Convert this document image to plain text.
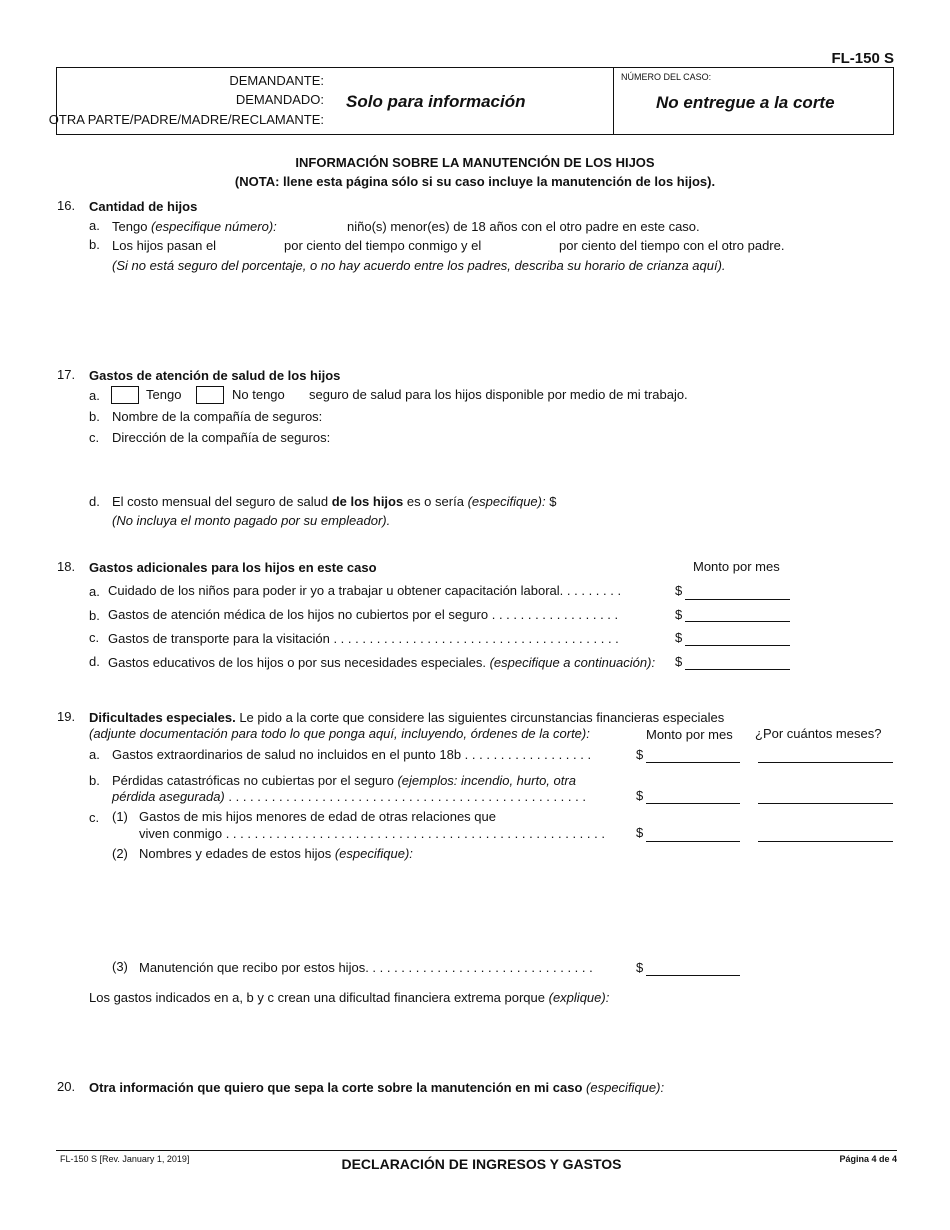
FL-150 S
DEMANDANTE:
DEMANDADO:
OTRA PARTE/PADRE/MADRE/RECLAMANTE:
Solo para información
NÚMERO DEL CASO:
No entregue a la corte
INFORMACIÓN SOBRE LA MANUTENCIÓN DE LOS HIJOS
(NOTA: llene esta página sólo si su caso incluye la manutención de los hijos).
16. Cantidad de hijos
a. Tengo (especifique número):	niño(s) menor(es) de 18 años con el otro padre en este caso.
b. Los hijos pasan el	por ciento del tiempo conmigo y el	por ciento del tiempo con el otro padre.
(Si no está seguro del porcentaje, o no hay acuerdo entre los padres, describa su horario de crianza aquí).
17. Gastos de atención de salud de los hijos
a.	Tengo	No tengo seguro de salud para los hijos disponible por medio de mi trabajo.
b. Nombre de la compañía de seguros:
c. Dirección de la compañía de seguros:
d. El costo mensual del seguro de salud de los hijos es o sería (especifique): $
(No incluya el monto pagado por su empleador).
18. Gastos adicionales para los hijos en este caso	Monto por mes
a. Cuidado de los niños para poder ir yo a trabajar u obtener capacitación laboral. . . . . . . . .	$
b. Gastos de atención médica de los hijos no cubiertos por el seguro . . . . . . . . . . . . . . . . . .	$
c. Gastos de transporte para la visitación . . . . . . . . . . . . . . . . . . . . . . . . . . . . . . . . . . . . . . . .	$
d. Gastos educativos de los hijos o por sus necesidades especiales. (especifique a continuación): $
19. Dificultades especiales. Le pido a la corte que considere las siguientes circunstancias financieras especiales
(adjunte documentación para todo lo que ponga aquí, incluyendo, órdenes de la corte):	Monto por mes ¿Por cuántos meses?
a. Gastos extraordinarios de salud no incluidos en el punto 18b . . . . . . . . . . . . . . . . . .	$
b. Pérdidas catastróficas no cubiertas por el seguro (ejemplos: incendio, hurto, otra
pérdida asegurada) . . . . . . . . . . . . . . . . . . . . . . . . . . . . . . . . . . . . . . . . . . . . . . . . . .	$
c. (1) Gastos de mis hijos menores de edad de otras relaciones que
viven conmigo . . . . . . . . . . . . . . . . . . . . . . . . . . . . . . . . . . . . . . . . . . . . . . . . . . . . . $
(2) Nombres y edades de estos hijos (especifique):
(3) Manutención que recibo por estos hijos. . . . . . . . . . . . . . . . . . . . . . . . . . . . . . . .	$
Los gastos indicados en a, b y c crean una dificultad financiera extrema porque (explique):
20. Otra información que quiero que sepa la corte sobre la manutención en mi caso (especifique):
FL-150 S [Rev. January 1, 2019]	DECLARACIÓN DE INGRESOS Y GASTOS	Página 4 de 4
